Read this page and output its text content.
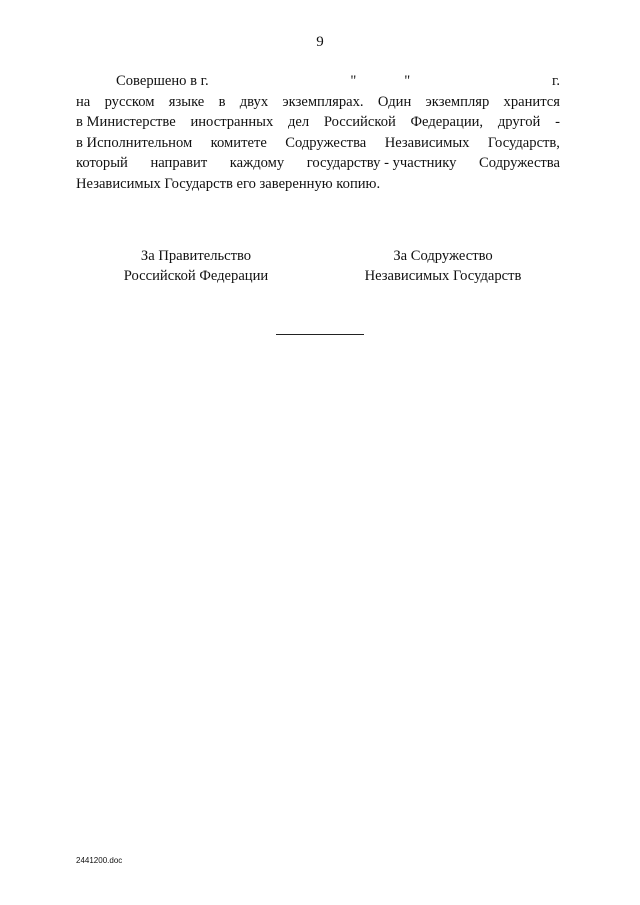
9
Совершено в г.	"	"	г.
на русском языке в двух экземплярах. Один экземпляр хранится
в Министерстве иностранных дел Российской Федерации, другой -
в Исполнительном комитете Содружества Независимых Государств,
который направит каждому государству - участнику Содружества
Независимых Государств его заверенную копию.
За Правительство
Российской Федерации
За Содружество
Независимых Государств
2441200.doc
